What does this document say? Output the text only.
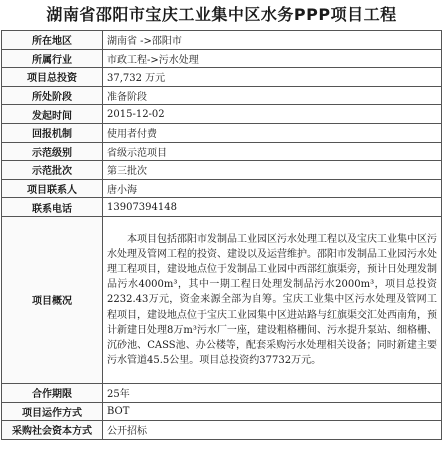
湖南省邵阳市宝庆工业集中区水务PPP项目工程
所在地区	湖南省 ->邵阳市
所属行业	市政工程->污水处理
项目总投资	37,732 万元
所处阶段	准备阶段
发起时间	2015-12-02
回报机制	使用者付费
示范级别	省级示范项目
示范批次	第三批次
项目联系人	唐小海
联系电话	13907394148
项目概况	本项目包括邵阳市发制品工业园区污水处理工程以及宝庆工业集中区污水处理及管网工程的投资、建设以及运营维护。邵阳市发制品工业园污水处理工程项目，建设地点位于发制品工业园中西部红旗渠旁，预计日处理发制品污水4000m³，其中一期工程日处理发制品污水2000m³，项目总投资2232.43万元，资金来源全部为自筹。宝庆工业集中区污水处理及管网工程项目，建设地点位于宝庆工业园集中区进站路与红旗渠交汇处西南角，预计新建日处理8万m³污水厂一座，建设粗格栅间、污水提升泵站、细格栅、沉砂池、CASS池、办公楼等，配套采购污水处理相关设备；同时新建主要污水管道45.5公里。项目总投资约37732万元。
合作期限	25年
项目运作方式	BOT
采购社会资本方式	公开招标
